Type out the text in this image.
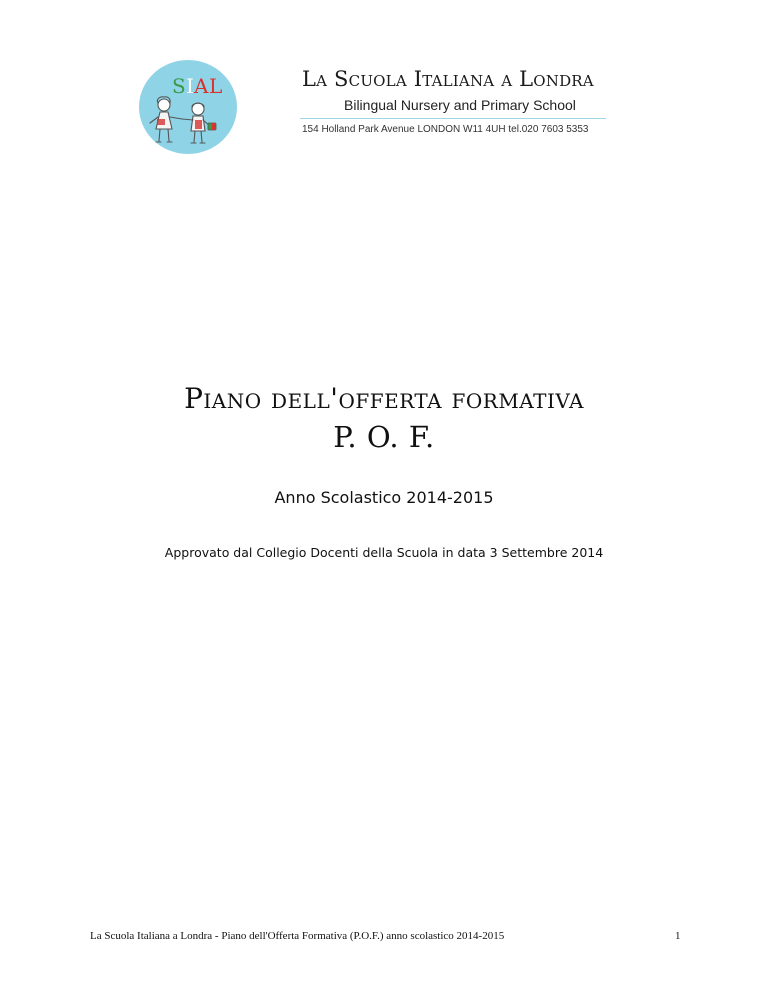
S I A L	La Scuola Italiana a Londra
Bilingual Nursery and Primary School
154 Holland Park Avenue LONDON W11 4UH tel.020 7603 5353
Piano dell'offerta formativa
P. O. F.
Anno Scolastico 2014-2015
Approvato dal Collegio Docenti della Scuola in data 3 Settembre 2014
La Scuola Italiana a Londra - Piano dell'Offerta Formativa (P.O.F.) anno scolastico 2014-2015	1
